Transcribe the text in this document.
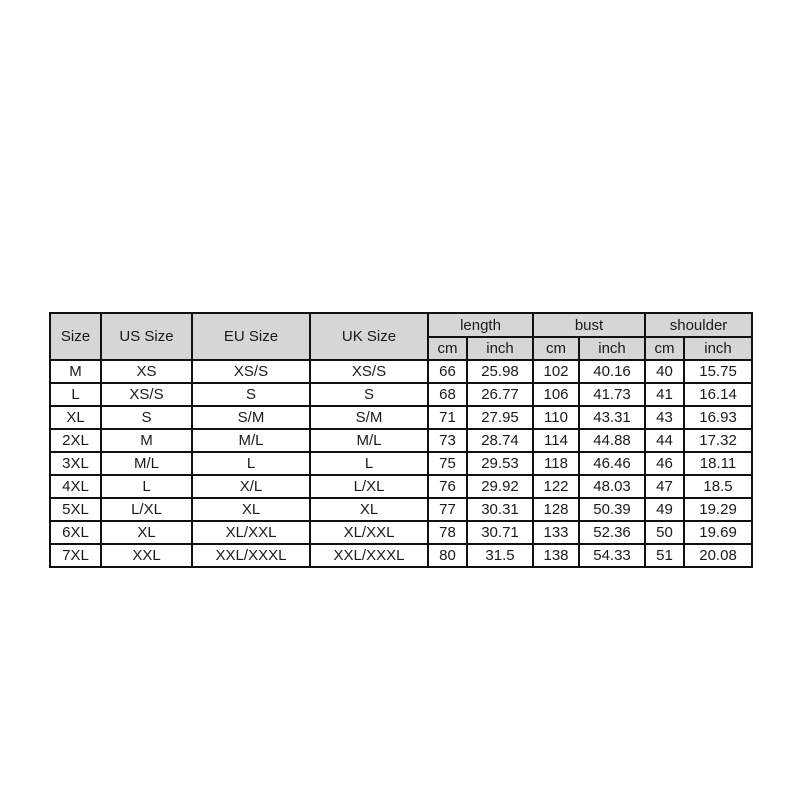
Size	US Size	EU Size	UK Size	length		bust		shoulder	
				cm	inch	cm	inch	cm	inch
M	XS	XS/S	XS/S	66	25.98	102	40.16	40	15.75
L	XS/S	S	S	68	26.77	106	41.73	41	16.14
XL	S	S/M	S/M	71	27.95	110	43.31	43	16.93
2XL	M	M/L	M/L	73	28.74	114	44.88	44	17.32
3XL	M/L	L	L	75	29.53	118	46.46	46	18.11
4XL	L	X/L	L/XL	76	29.92	122	48.03	47	18.5
5XL	L/XL	XL	XL	77	30.31	128	50.39	49	19.29
6XL	XL	XL/XXL	XL/XXL	78	30.71	133	52.36	50	19.69
7XL	XXL	XXL/XXXL	XXL/XXXL	80	31.5	138	54.33	51	20.08
